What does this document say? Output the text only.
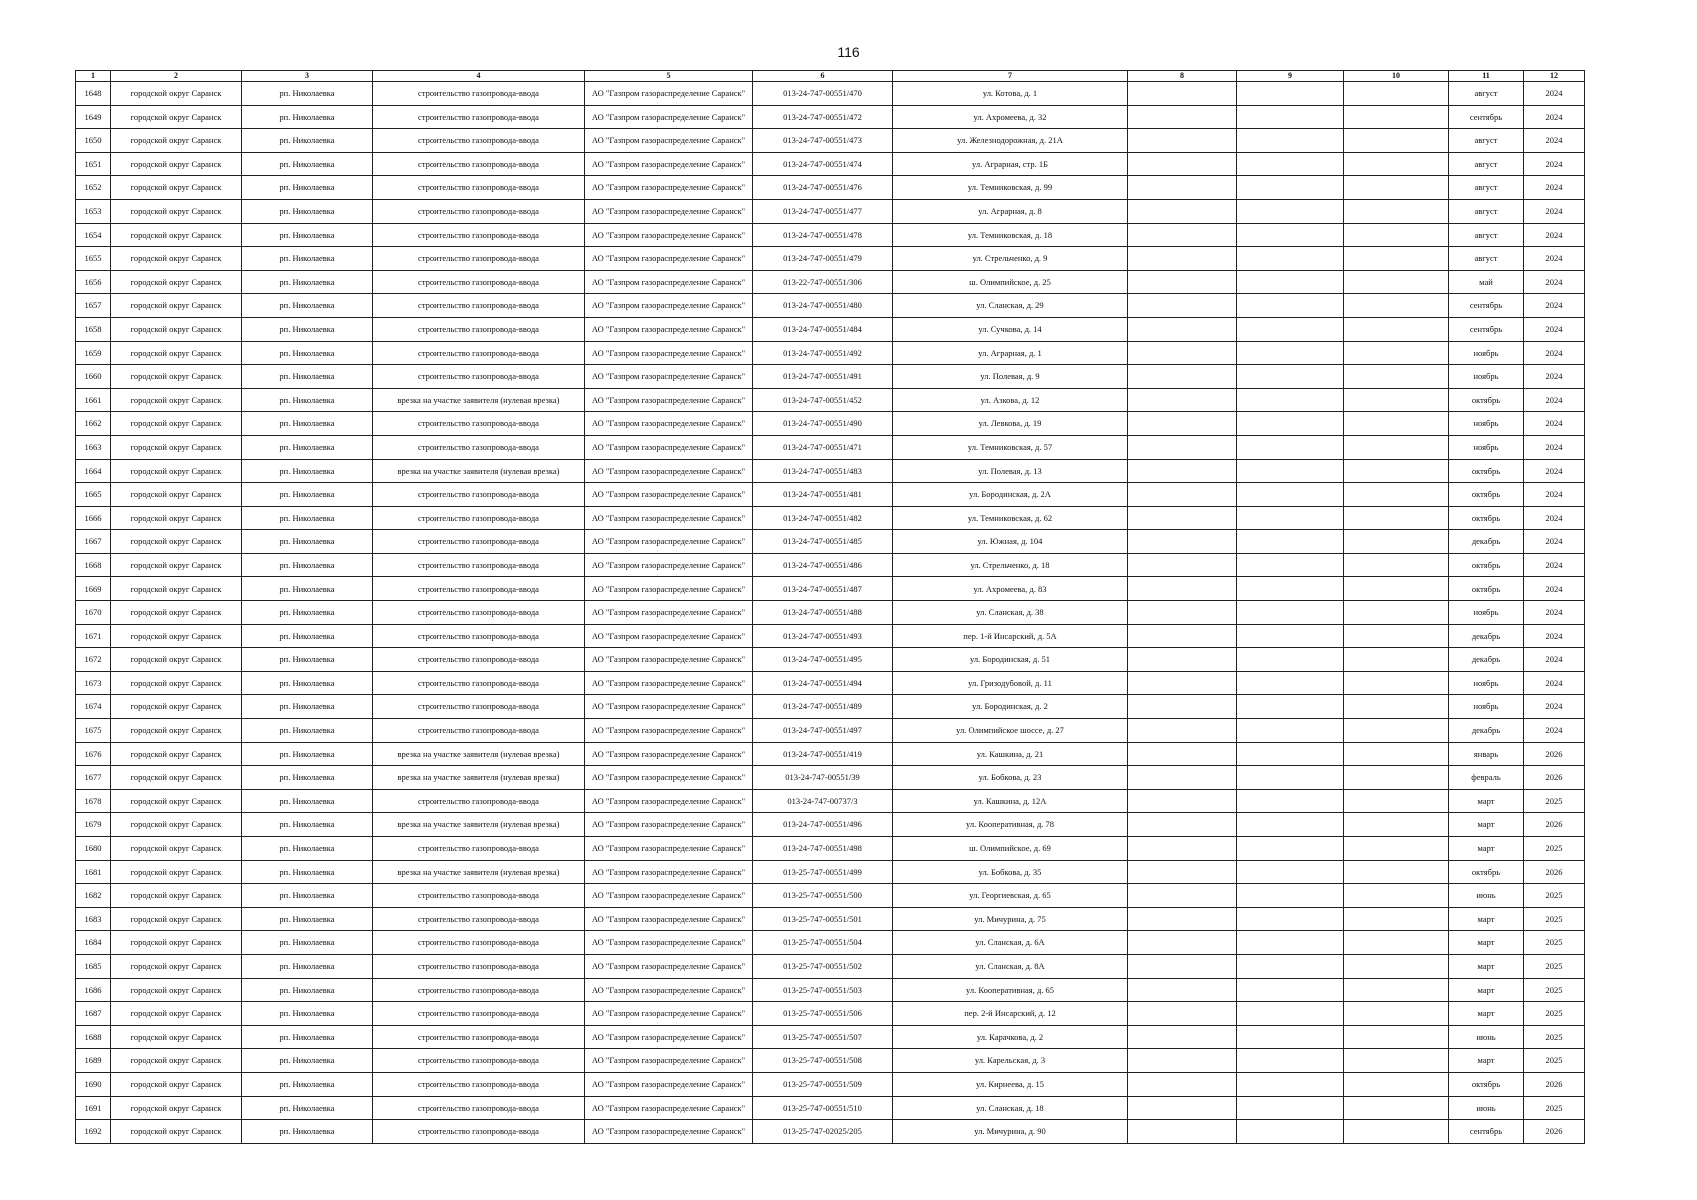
116
1	2	3	4	5	6	7	8	9	10	11	12
1648	городской округ Саранск	рп. Николаевка	строительство газопровода-ввода	АО "Газпром газораспределение Саранск"	013-24-747-00551/470	ул. Котова, д. 1				август	2024
1649	городской округ Саранск	рп. Николаевка	строительство газопровода-ввода	АО "Газпром газораспределение Саранск"	013-24-747-00551/472	ул. Ахромеева, д. 32				сентябрь	2024
1650	городской округ Саранск	рп. Николаевка	строительство газопровода-ввода	АО "Газпром газораспределение Саранск"	013-24-747-00551/473	ул. Железнодорожная, д. 21А				август	2024
1651	городской округ Саранск	рп. Николаевка	строительство газопровода-ввода	АО "Газпром газораспределение Саранск"	013-24-747-00551/474	ул. Аграрная, стр. 1Б				август	2024
1652	городской округ Саранск	рп. Николаевка	строительство газопровода-ввода	АО "Газпром газораспределение Саранск"	013-24-747-00551/476	ул. Темниковская, д. 99				август	2024
1653	городской округ Саранск	рп. Николаевка	строительство газопровода-ввода	АО "Газпром газораспределение Саранск"	013-24-747-00551/477	ул. Аграрная, д. 8				август	2024
1654	городской округ Саранск	рп. Николаевка	строительство газопровода-ввода	АО "Газпром газораспределение Саранск"	013-24-747-00551/478	ул. Темниковская, д. 18				август	2024
1655	городской округ Саранск	рп. Николаевка	строительство газопровода-ввода	АО "Газпром газораспределение Саранск"	013-24-747-00551/479	ул. Стрельченко, д. 9				август	2024
1656	городской округ Саранск	рп. Николаевка	строительство газопровода-ввода	АО "Газпром газораспределение Саранск"	013-22-747-00551/306	ш. Олимпийское, д. 25				май	2024
1657	городской округ Саранск	рп. Николаевка	строительство газопровода-ввода	АО "Газпром газораспределение Саранск"	013-24-747-00551/480	ул. Сланская, д. 29				сентябрь	2024
1658	городской округ Саранск	рп. Николаевка	строительство газопровода-ввода	АО "Газпром газораспределение Саранск"	013-24-747-00551/484	ул. Сучкова, д. 14				сентябрь	2024
1659	городской округ Саранск	рп. Николаевка	строительство газопровода-ввода	АО "Газпром газораспределение Саранск"	013-24-747-00551/492	ул. Аграрная, д. 1				ноябрь	2024
1660	городской округ Саранск	рп. Николаевка	строительство газопровода-ввода	АО "Газпром газораспределение Саранск"	013-24-747-00551/491	ул. Полевая, д. 9				ноябрь	2024
1661	городской округ Саранск	рп. Николаевка	врезка на участке заявителя (нулевая врезка)	АО "Газпром газораспределение Саранск"	013-24-747-00551/452	ул. Азкова, д. 12				октябрь	2024
1662	городской округ Саранск	рп. Николаевка	строительство газопровода-ввода	АО "Газпром газораспределение Саранск"	013-24-747-00551/490	ул. Левкова, д. 19				ноябрь	2024
1663	городской округ Саранск	рп. Николаевка	строительство газопровода-ввода	АО "Газпром газораспределение Саранск"	013-24-747-00551/471	ул. Темниковская, д. 57				ноябрь	2024
1664	городской округ Саранск	рп. Николаевка	врезка на участке заявителя (нулевая врезка)	АО "Газпром газораспределение Саранск"	013-24-747-00551/483	ул. Полевая, д. 13				октябрь	2024
1665	городской округ Саранск	рп. Николаевка	строительство газопровода-ввода	АО "Газпром газораспределение Саранск"	013-24-747-00551/481	ул. Бородинская, д. 2А				октябрь	2024
1666	городской округ Саранск	рп. Николаевка	строительство газопровода-ввода	АО "Газпром газораспределение Саранск"	013-24-747-00551/482	ул. Темниковская, д. 62				октябрь	2024
1667	городской округ Саранск	рп. Николаевка	строительство газопровода-ввода	АО "Газпром газораспределение Саранск"	013-24-747-00551/485	ул. Южная, д. 104				декабрь	2024
1668	городской округ Саранск	рп. Николаевка	строительство газопровода-ввода	АО "Газпром газораспределение Саранск"	013-24-747-00551/486	ул. Стрельченко, д. 18				октябрь	2024
1669	городской округ Саранск	рп. Николаевка	строительство газопровода-ввода	АО "Газпром газораспределение Саранск"	013-24-747-00551/487	ул. Ахромеева, д. 83				октябрь	2024
1670	городской округ Саранск	рп. Николаевка	строительство газопровода-ввода	АО "Газпром газораспределение Саранск"	013-24-747-00551/488	ул. Сланская, д. 38				ноябрь	2024
1671	городской округ Саранск	рп. Николаевка	строительство газопровода-ввода	АО "Газпром газораспределение Саранск"	013-24-747-00551/493	пер. 1-й Инсарский, д. 5А				декабрь	2024
1672	городской округ Саранск	рп. Николаевка	строительство газопровода-ввода	АО "Газпром газораспределение Саранск"	013-24-747-00551/495	ул. Бородинская, д. 51				декабрь	2024
1673	городской округ Саранск	рп. Николаевка	строительство газопровода-ввода	АО "Газпром газораспределение Саранск"	013-24-747-00551/494	ул. Гризодубовой, д. 11				ноябрь	2024
1674	городской округ Саранск	рп. Николаевка	строительство газопровода-ввода	АО "Газпром газораспределение Саранск"	013-24-747-00551/489	ул. Бородинская, д. 2				ноябрь	2024
1675	городской округ Саранск	рп. Николаевка	строительство газопровода-ввода	АО "Газпром газораспределение Саранск"	013-24-747-00551/497	ул. Олимпийское шоссе, д. 27				декабрь	2024
1676	городской округ Саранск	рп. Николаевка	врезка на участке заявителя (нулевая врезка)	АО "Газпром газораспределение Саранск"	013-24-747-00551/419	ул. Кашкина, д. 21				январь	2026
1677	городской округ Саранск	рп. Николаевка	врезка на участке заявителя (нулевая врезка)	АО "Газпром газораспределение Саранск"	013-24-747-00551/39	ул. Бобкова, д. 23				февраль	2026
1678	городской округ Саранск	рп. Николаевка	строительство газопровода-ввода	АО "Газпром газораспределение Саранск"	013-24-747-00737/3	ул. Кашкина, д. 12А				март	2025
1679	городской округ Саранск	рп. Николаевка	врезка на участке заявителя (нулевая врезка)	АО "Газпром газораспределение Саранск"	013-24-747-00551/496	ул. Кооперативная, д. 78				март	2026
1680	городской округ Саранск	рп. Николаевка	строительство газопровода-ввода	АО "Газпром газораспределение Саранск"	013-24-747-00551/498	ш. Олимпийское, д. 69				март	2025
1681	городской округ Саранск	рп. Николаевка	врезка на участке заявителя (нулевая врезка)	АО "Газпром газораспределение Саранск"	013-25-747-00551/499	ул. Бобкова, д. 35				октябрь	2026
1682	городской округ Саранск	рп. Николаевка	строительство газопровода-ввода	АО "Газпром газораспределение Саранск"	013-25-747-00551/500	ул. Георгиевская, д. 65				июнь	2025
1683	городской округ Саранск	рп. Николаевка	строительство газопровода-ввода	АО "Газпром газораспределение Саранск"	013-25-747-00551/501	ул. Мичурина, д. 75				март	2025
1684	городской округ Саранск	рп. Николаевка	строительство газопровода-ввода	АО "Газпром газораспределение Саранск"	013-25-747-00551/504	ул. Сланская, д. 6А				март	2025
1685	городской округ Саранск	рп. Николаевка	строительство газопровода-ввода	АО "Газпром газораспределение Саранск"	013-25-747-00551/502	ул. Сланская, д. 8А				март	2025
1686	городской округ Саранск	рп. Николаевка	строительство газопровода-ввода	АО "Газпром газораспределение Саранск"	013-25-747-00551/503	ул. Кооперативная, д. 65				март	2025
1687	городской округ Саранск	рп. Николаевка	строительство газопровода-ввода	АО "Газпром газораспределение Саранск"	013-25-747-00551/506	пер. 2-й Инсарский, д. 12				март	2025
1688	городской округ Саранск	рп. Николаевка	строительство газопровода-ввода	АО "Газпром газораспределение Саранск"	013-25-747-00551/507	ул. Карачкова, д. 2				июнь	2025
1689	городской округ Саранск	рп. Николаевка	строительство газопровода-ввода	АО "Газпром газораспределение Саранск"	013-25-747-00551/508	ул. Карельская, д. 3				март	2025
1690	городской округ Саранск	рп. Николаевка	строительство газопровода-ввода	АО "Газпром газораспределение Саранск"	013-25-747-00551/509	ул. Кирнеева, д. 15				октябрь	2026
1691	городской округ Саранск	рп. Николаевка	строительство газопровода-ввода	АО "Газпром газораспределение Саранск"	013-25-747-00551/510	ул. Сланская, д. 18				июнь	2025
1692	городской округ Саранск	рп. Николаевка	строительство газопровода-ввода	АО "Газпром газораспределение Саранск"	013-25-747-02025/205	ул. Мичурина, д. 90				сентябрь	2026
